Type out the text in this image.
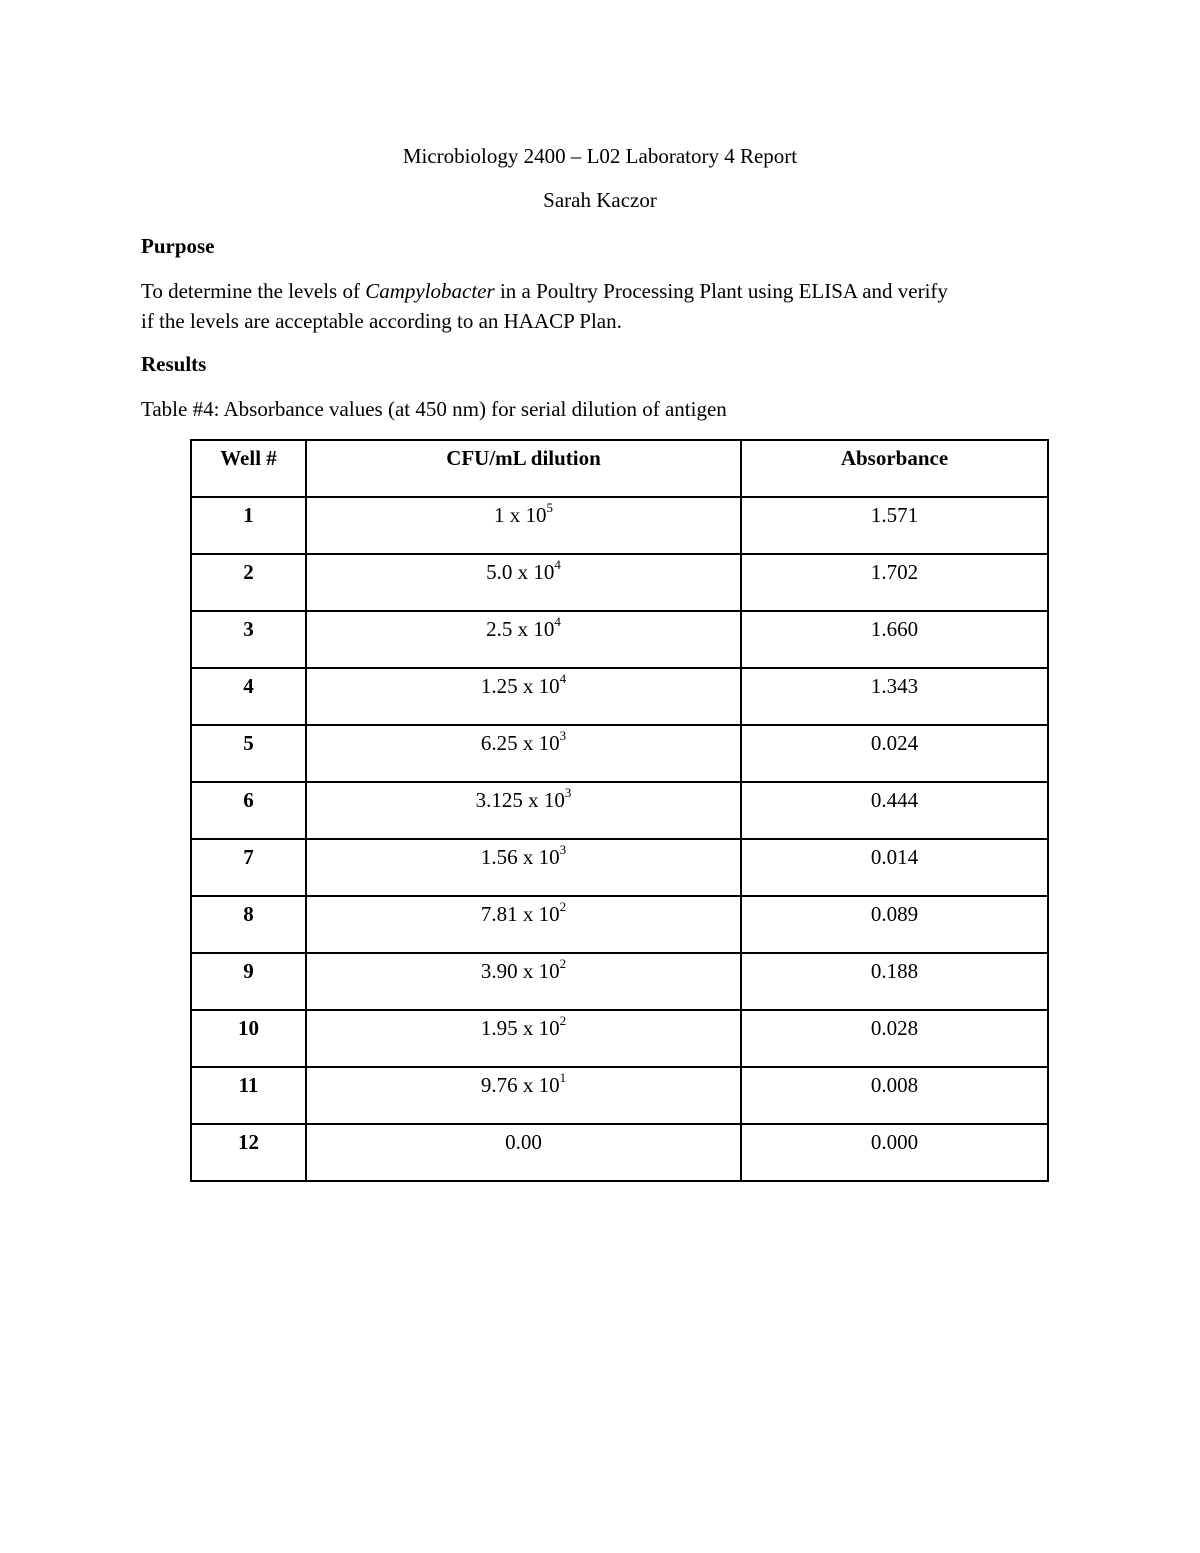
Microbiology 2400 – L02 Laboratory 4 Report
Sarah Kaczor
Purpose
To determine the levels of Campylobacter in a Poultry Processing Plant using ELISA and verify
if the levels are acceptable according to an HAACP Plan.
Results
Table #4: Absorbance values (at 450 nm) for serial dilution of antigen
Well #	CFU/mL dilution	Absorbance
1	1 x $10^5$	1.571
2	5.0 x $10^4$	1.702
3	2.5 x $10^4$	1.660
4	1.25 x $10^4$	1.343
5	6.25 x $10^3$	0.024
6	3.125 x $10^3$	0.444
7	1.56 x $10^3$	0.014
8	7.81 x $10^2$	0.089
9	3.90 x $10^2$	0.188
10	1.95 x $10^2$	0.028
11	9.76 x $10^1$	0.008
12	0.00	0.000
